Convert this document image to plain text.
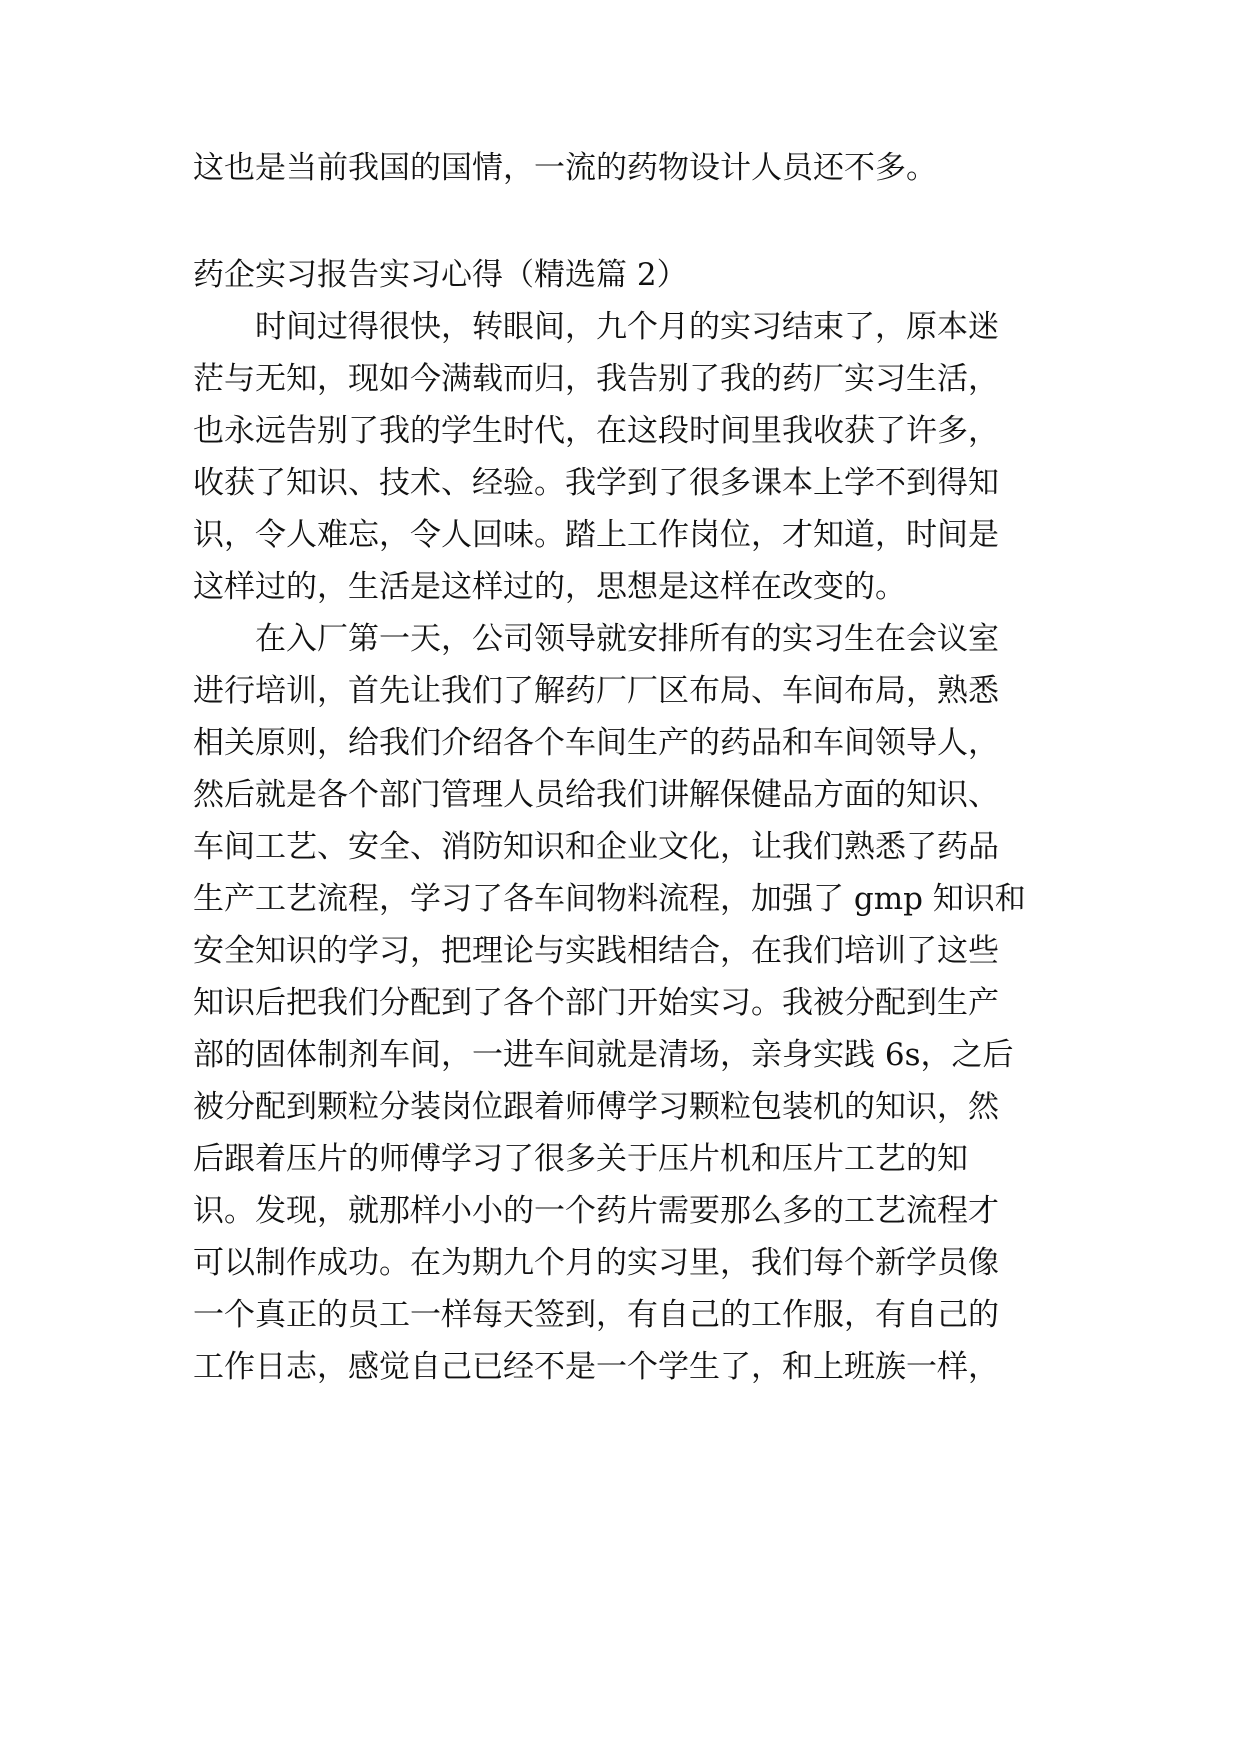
这也是当前我国的国情，一流的药物设计人员还不多。
药企实习报告实习心得（精选篇 2）
时间过得很快，转眼间，九个月的实习结束了，原本迷
茫与无知，现如今满载而归，我告别了我的药厂实习生活，
也永远告别了我的学生时代，在这段时间里我收获了许多，
收获了知识、技术、经验。我学到了很多课本上学不到得知
识，令人难忘，令人回味。踏上工作岗位，才知道，时间是
这样过的，生活是这样过的，思想是这样在改变的。
在入厂第一天，公司领导就安排所有的实习生在会议室
进行培训，首先让我们了解药厂厂区布局、车间布局，熟悉
相关原则，给我们介绍各个车间生产的药品和车间领导人，
然后就是各个部门管理人员给我们讲解保健品方面的知识、
车间工艺、安全、消防知识和企业文化，让我们熟悉了药品
生产工艺流程，学习了各车间物料流程，加强了 gmp 知识和
安全知识的学习，把理论与实践相结合，在我们培训了这些
知识后把我们分配到了各个部门开始实习。我被分配到生产
部的固体制剂车间，一进车间就是清场，亲身实践 6s，之后
被分配到颗粒分装岗位跟着师傅学习颗粒包装机的知识，然
后跟着压片的师傅学习了很多关于压片机和压片工艺的知
识。发现，就那样小小的一个药片需要那么多的工艺流程才
可以制作成功。在为期九个月的实习里，我们每个新学员像
一个真正的员工一样每天签到，有自己的工作服，有自己的
工作日志，感觉自己已经不是一个学生了，和上班族一样，
